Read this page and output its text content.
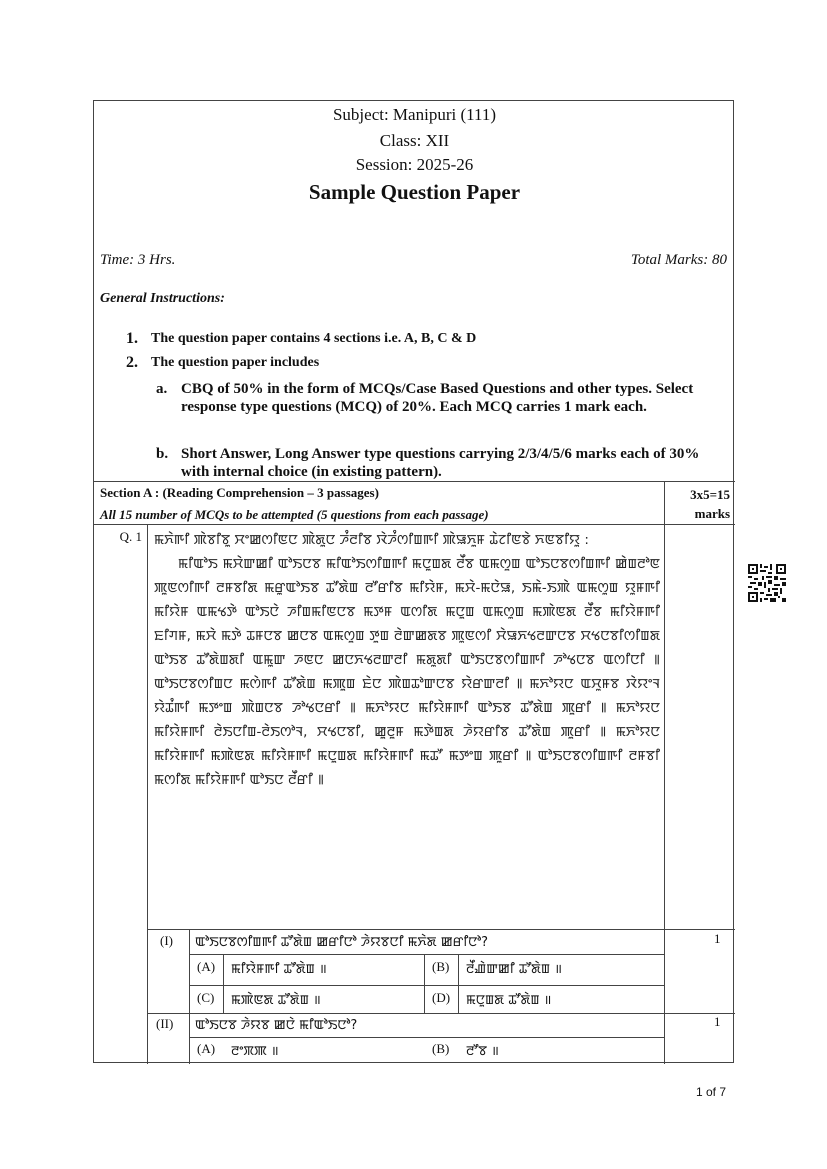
Subject: Manipuri (111)
Class: XII
Session: 2025-26
Sample Question Paper
Time: 3 Hrs.	Total Marks: 80
General Instructions:
1. The question paper contains 4 sections i.e. A, B, C & D
2. The question paper includes
a. CBQ of 50% in the form of MCQs/Case Based Questions and other types. Select response type questions (MCQ) of 20%. Each MCQ carries 1 mark each.
b. Short Answer, Long Answer type questions carrying 2/3/4/5/6 marks each of 30% with internal choice (in existing pattern).
Section A : (Reading Comprehension – 3 passages)
All 15 number of MCQs to be attempted (5 questions from each passage)
3x5=15 marks
Q. 1 ꯃꯈꯥꯒꯤ ꯄꯥꯕꯤꯕꯨ ꯆꯦꯀꯁꯤꯟꯅ ꯄꯥꯗꯨꯅ ꯍꯪꯂꯤꯕ ꯋꯥꯍꯪꯁꯤꯡꯒꯤ ꯄꯥꯎꯈꯨꯝ ꯊꯥꯖꯤꯟꯕꯥ ꯈꯟꯕꯤꯌꯨ :
ꯃꯤꯑꯣꯏ ꯃꯆꯥꯛꯀꯤ ꯑꯣꯏꯅꯕ ꯃꯤꯑꯣꯏꯁꯤꯡꯒꯤ ꯃꯅꯨꯡꯗ ꯂꯩꯕ ꯑꯃꯁꯨꯡ ꯑꯣꯏꯅꯕꯁꯤꯡꯒꯤ ꯀꯥꯡꯂꯣꯟ ꯄꯨꯟꯁꯤꯒꯤ ꯂꯝꯕꯤꯗ ꯃꯔꯨꯑꯣꯏꯕ ꯊꯧꯗꯥꯡ ꯂꯧꯔꯤꯕ ꯃꯤꯌꯥꯝ, ꯃꯆꯥ-ꯃꯅꯥꯎ, ꯏꯃꯥ-ꯏꯄꯥ ꯑꯃꯁꯨꯡ ꯌꯨꯝꯒꯤ ꯃꯤꯌꯥꯝ ꯑꯃꯠꯇꯥ ꯑꯣꯏꯅꯥ ꯍꯤꯡꯃꯤꯟꯅꯕ ꯃꯇꯝ ꯑꯁꯤꯗ ꯃꯅꯨꯡ ꯑꯃꯁꯨꯡ ꯃꯄꯥꯟꯗ ꯂꯩꯕ ꯃꯤꯌꯥꯝꯒꯤ ꯐꯤꯚꯝ, ꯃꯆꯥ ꯃꯇꯥ ꯊꯝꯅꯕ ꯀꯅꯕ ꯑꯃꯁꯨꯡ ꯇꯨꯡ ꯂꯥꯛꯀꯗꯕ ꯄꯨꯟꯁꯤ ꯆꯥꯎꯈꯠꯂꯛꯅꯕ ꯆꯠꯅꯕꯤꯁꯤꯡꯗ ꯑꯣꯏꯕ ꯊꯧꯗꯥꯡꯗꯤ ꯑꯃꯨꯛ ꯍꯟꯅ ꯀꯅꯈꯠꯂꯛꯂꯤ ꯃꯗꯨꯗꯤ ꯑꯣꯏꯅꯕꯁꯤꯡꯒꯤ ꯍꯣꯠꯅꯕ ꯑꯁꯤꯅꯤ ꯫ ꯑꯣꯏꯅꯕꯁꯤꯡꯅ ꯃꯁꯥꯒꯤ ꯊꯧꯗꯥꯡ ꯃꯄꯨꯡ ꯐꯥꯅ ꯄꯥꯡꯊꯣꯛꯅꯕ ꯌꯥꯔꯛꯂꯤ ꯫ ꯃꯈꯣꯌꯅ ꯑꯆꯨꯝꯕ ꯋꯥꯌꯦꯜ ꯌꯥꯊꯪꯒꯤ ꯃꯇꯦꯡ ꯄꯥꯡꯅꯕ ꯍꯣꯠꯅꯔꯤ ꯫ ꯃꯈꯣꯌꯅ ꯃꯤꯌꯥꯝꯒꯤ ꯑꯣꯏꯕ ꯊꯧꯗꯥꯡ ꯄꯨꯔꯤ ꯫ ꯃꯈꯣꯌꯅ ꯃꯤꯌꯥꯝꯒꯤ ꯂꯥꯏꯅꯤꯡ-ꯂꯥꯏꯁꯣꯜ, ꯆꯠꯅꯕꯤ, ꯀꯨꯂꯨꯝ ꯃꯇꯥꯡꯗ ꯍꯥꯌꯔꯤꯕ ꯊꯧꯗꯥꯡ ꯄꯨꯔꯤ ꯫ ꯃꯈꯣꯌꯅ ꯃꯤꯌꯥꯝꯒꯤ ꯃꯄꯥꯟꯗ ꯃꯤꯌꯥꯝꯒꯤ ꯃꯅꯨꯡꯗ ꯃꯤꯌꯥꯝꯒꯤ ꯃꯊꯧ ꯃꯇꯦꯡ ꯄꯨꯔꯤ ꯫ ꯑꯣꯏꯅꯕꯁꯤꯡꯒꯤ ꯂꯝꯕꯤ ꯃꯁꯤꯗ ꯃꯤꯌꯥꯝꯒꯤ ꯑꯣꯏꯅ ꯂꯩꯔꯤ ꯫
(I) ꯑꯣꯏꯅꯕꯁꯤꯡꯒꯤ ꯊꯧꯗꯥꯡ ꯀꯔꯤꯅꯣ ꯍꯥꯌꯕꯅꯤ ꯃꯈꯥꯗ ꯀꯔꯤꯅꯣ?	1
(A) ꯃꯤꯌꯥꯝꯒꯤ ꯊꯧꯗꯥꯡ ॥	(B) ꯂꯩꯉꯥꯛꯀꯤ ꯊꯧꯗꯥꯡ ॥
(C) ꯃꯄꯥꯟꯗ ꯊꯧꯗꯥꯡ ॥	(D) ꯃꯅꯨꯡꯗ ꯊꯧꯗꯥꯡ ॥
(II) ꯑꯣꯏꯅꯕ ꯍꯥꯌꯕ ꯀꯅꯥ ꯃꯤꯑꯣꯏꯅꯣ?	1
(A) ꯂꯦꯞꯄ ॥	(B) ꯂꯧꯕ ॥
1 of 7
